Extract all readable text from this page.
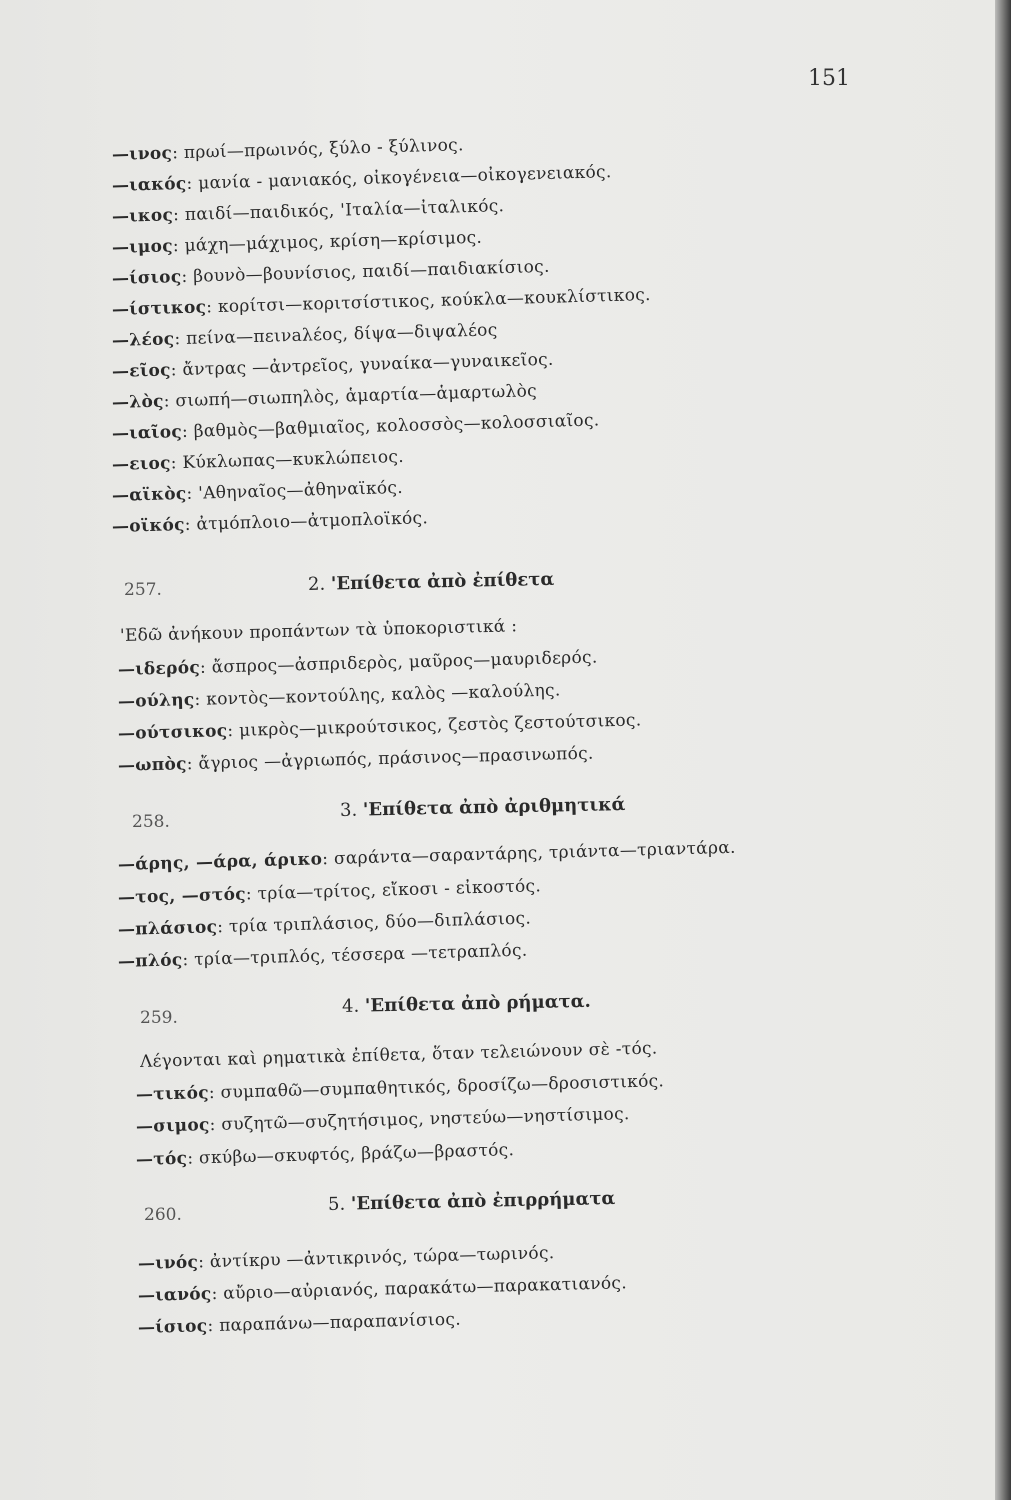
151
—ινος: πρωί—πρωινός, ξύλο - ξύλινος.
—ιακός: μανία - μανιακός, οἰκογένεια—οἰκογενειακός.
—ικος: παιδί—παιδικός, 'Ιταλία—ἰταλικός.
—ιμος: μάχη—μάχιμος, κρίση—κρίσιμος.
—ίσιος: βουνὸ—βουνίσιος, παιδί—παιδιακίσιος.
—ίστικος: κορίτσι—κοριτσίστικος, κούκλα—κουκλίστικος.
—λέος: πείνα—πεινaλέος, δίψα—διψαλέος
—εῖος: ἄντρας —ἀντρεῖος, γυναίκα—γυναικεῖος.
—λὸς: σιωπή—σιωπηλὸς, ἁμαρτία—ἁμαρτωλὸς
—ιαῖος: βαθμὸς—βαθμιαῖος, κολοσσὸς—κολοσσιαῖος.
—ειος: Κύκλωπας—κυκλώπειος.
—αϊκὸς: 'Αθηναῖος—ἀθηναϊκός.
—οϊκός: ἀτμόπλοιο—ἀτμοπλοϊκός.
257.	2. 'Επίθετα ἀπὸ ἐπίθετα
'Εδῶ ἀνήκουν προπάντων τὰ ὑποκοριστικά :
—ιδερός: ἄσπρος—ἀσπριδερὸς, μαῦρος—μαυριδερός.
—ούλης: κοντὸς—κοντούλης, καλὸς —καλούλης.
—ούτσικος: μικρὸς—μικρούτσικος, ζεστὸς ζεστούτσικος.
—ωπὸς: ἄγριος —ἀγριωπός, πράσινος—πρασινωπός.
258.
3. 'Επίθετα ἀπὸ ἀριθμητικά
—άρης, —άρα, άρικο: σαράντα—σαραντάρης, τριάντα—τριαντάρα.
—τος, —στός: τρία—τρίτος, εἴκοσι - εἰκοστός.
—πλάσιος: τρία τριπλάσιος, δύο—διπλάσιος.
—πλός: τρία—τριπλός, τέσσερα —τετραπλός.
259.
4. 'Επίθετα ἀπὸ ρήματα.
Λέγονται καὶ ρηματικὰ ἐπίθετα, ὅταν τελειώνουν σὲ -τός.
—τικός: συμπαθῶ—συμπαθητικός, δροσίζω—δροσιστικός.
—σιμος: συζητῶ—συζητήσιμος, νηστεύω—νηστίσιμος.
—τός: σκύβω—σκυφτός, βράζω—βραστός.
260.
5. 'Επίθετα ἀπὸ ἐπιρρήματα
—ινός: ἀντίκρυ —ἀντικρινός, τώρα—τωρινός.
—ιανός: αὔριο—αὐριανός, παρακάτω—παρακατιανός.
—ίσιος: παραπάνω—παραπανίσιος.
